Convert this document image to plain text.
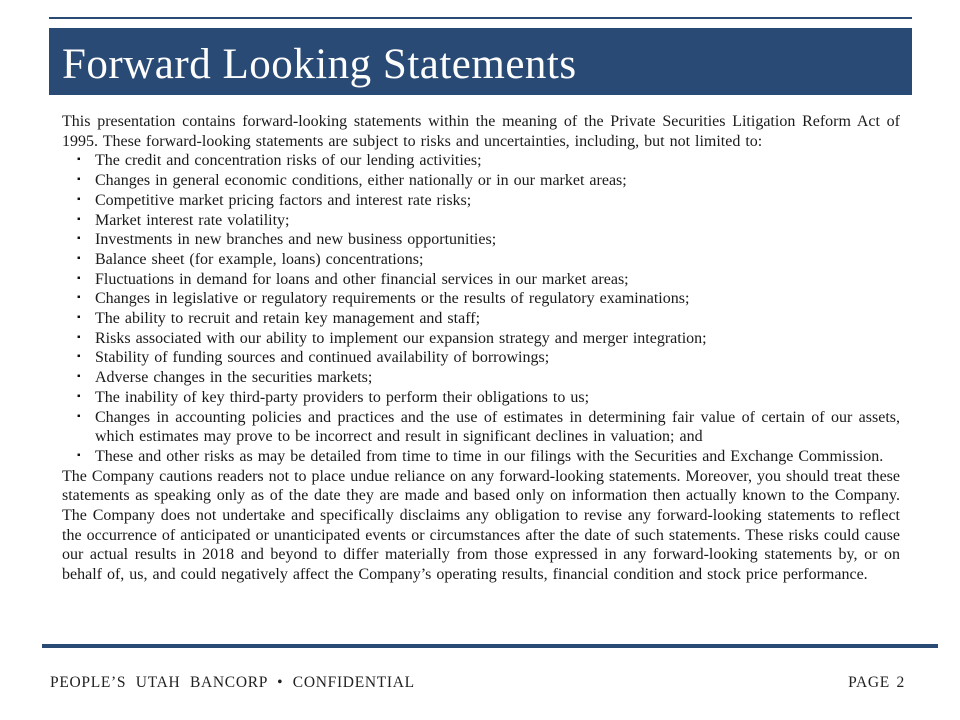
Forward Looking Statements

This presentation contains forward-looking statements within the meaning of the Private Securities Litigation Reform Act of 1995. These forward-looking statements are subject to risks and uncertainties, including, but not limited to:

▪ The credit and concentration risks of our lending activities;
▪ Changes in general economic conditions, either nationally or in our market areas;
▪ Competitive market pricing factors and interest rate risks;
▪ Market interest rate volatility;
▪ Investments in new branches and new business opportunities;
▪ Balance sheet (for example, loans) concentrations;
▪ Fluctuations in demand for loans and other financial services in our market areas;
▪ Changes in legislative or regulatory requirements or the results of regulatory examinations;
▪ The ability to recruit and retain key management and staff;
▪ Risks associated with our ability to implement our expansion strategy and merger integration;
▪ Stability of funding sources and continued availability of borrowings;
▪ Adverse changes in the securities markets;
▪ The inability of key third-party providers to perform their obligations to us;
▪ Changes in accounting policies and practices and the use of estimates in determining fair value of certain of our assets, which estimates may prove to be incorrect and result in significant declines in valuation; and
▪ These and other risks as may be detailed from time to time in our filings with the Securities and Exchange Commission.

The Company cautions readers not to place undue reliance on any forward-looking statements. Moreover, you should treat these statements as speaking only as of the date they are made and based only on information then actually known to the Company. The Company does not undertake and specifically disclaims any obligation to revise any forward-looking statements to reflect the occurrence of anticipated or unanticipated events or circumstances after the date of such statements. These risks could cause our actual results in 2018 and beyond to differ materially from those expressed in any forward-looking statements by, or on behalf of, us, and could negatively affect the Company’s operating results, financial condition and stock price performance.

PEOPLE’S UTAH BANCORP • CONFIDENTIAL	PAGE 2
